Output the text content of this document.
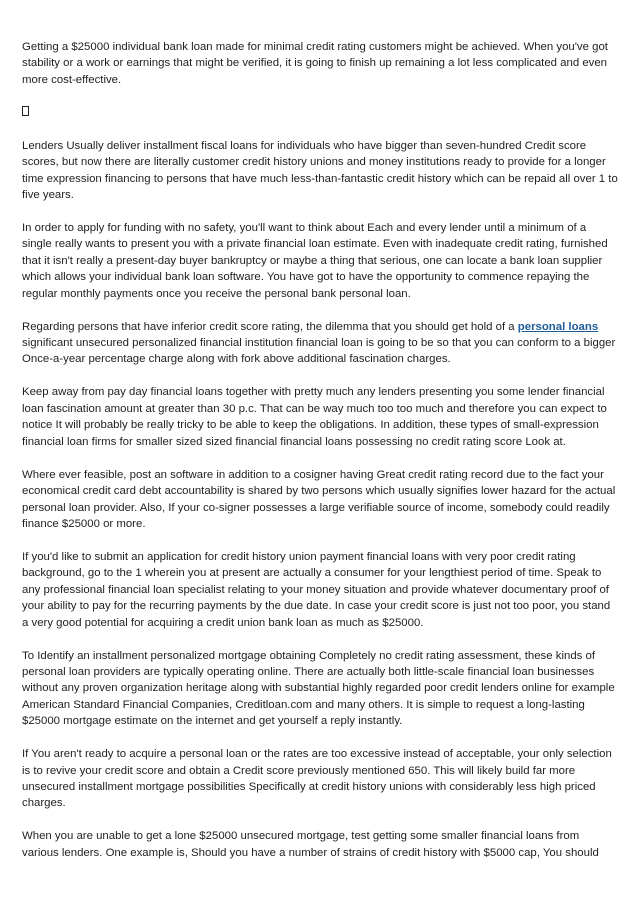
Getting a $25000 individual bank loan made for minimal credit rating customers might be achieved. When you've got stability or a work or earnings that might be verified, it is going to finish up remaining a lot less complicated and even more cost-effective.

Lenders Usually deliver installment fiscal loans for individuals who have bigger than seven-hundred Credit score scores, but now there are literally customer credit history unions and money institutions ready to provide for a longer time expression financing to persons that have much less-than-fantastic credit history which can be repaid all over 1 to five years.

In order to apply for funding with no safety, you'll want to think about Each and every lender until a minimum of a single really wants to present you with a private financial loan estimate. Even with inadequate credit rating, furnished that it isn't really a present-day buyer bankruptcy or maybe a thing that serious, one can locate a bank loan supplier which allows your individual bank loan software. You have got to have the opportunity to commence repaying the regular monthly payments once you receive the personal bank personal loan.

Regarding persons that have inferior credit score rating, the dilemma that you should get hold of a personal loans significant unsecured personalized financial institution financial loan is going to be so that you can conform to a bigger Once-a-year percentage charge along with fork above additional fascination charges.

Keep away from pay day financial loans together with pretty much any lenders presenting you some lender financial loan fascination amount at greater than 30 p.c. That can be way much too too much and therefore you can expect to notice It will probably be really tricky to be able to keep the obligations. In addition, these types of small-expression financial loan firms for smaller sized sized financial financial loans possessing no credit rating score Look at.

Where ever feasible, post an software in addition to a cosigner having Great credit rating record due to the fact your economical credit card debt accountability is shared by two persons which usually signifies lower hazard for the actual personal loan provider. Also, If your co-signer possesses a large verifiable source of income, somebody could readily finance $25000 or more.

If you'd like to submit an application for credit history union payment financial loans with very poor credit rating background, go to the 1 wherein you at present are actually a consumer for your lengthiest period of time. Speak to any professional financial loan specialist relating to your money situation and provide whatever documentary proof of your ability to pay for the recurring payments by the due date. In case your credit score is just not too poor, you stand a very good potential for acquiring a credit union bank loan as much as $25000.

To Identify an installment personalized mortgage obtaining Completely no credit rating assessment, these kinds of personal loan providers are typically operating online. There are actually both little-scale financial loan businesses without any proven organization heritage along with substantial highly regarded poor credit lenders online for example American Standard Financial Companies, Creditloan.com and many others. It is simple to request a long-lasting $25000 mortgage estimate on the internet and get yourself a reply instantly.

If You aren't ready to acquire a personal loan or the rates are too excessive instead of acceptable, your only selection is to revive your credit score and obtain a Credit score previously mentioned 650. This will likely build far more unsecured installment mortgage possibilities Specifically at credit history unions with considerably less high priced charges.

When you are unable to get a lone $25000 unsecured mortgage, test getting some smaller financial loans from various lenders. One example is, Should you have a number of strains of credit history with $5000 cap, You should
